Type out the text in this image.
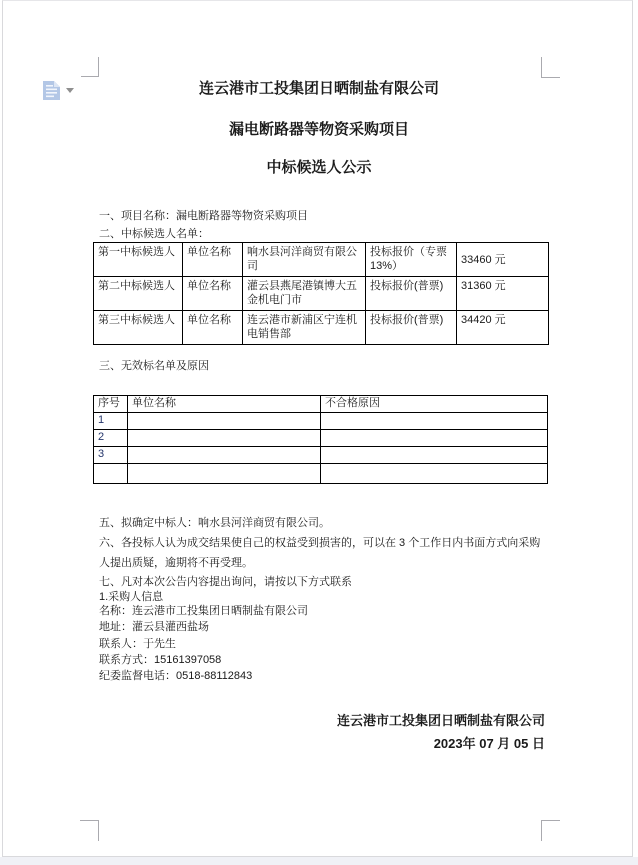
连云港市工投集团日晒制盐有限公司
漏电断路器等物资采购项目
中标候选人公示
一、项目名称：漏电断路器等物资采购项目
二、中标候选人名单：
第一中标候选人	单位名称	响水县河洋商贸有限公司	投标报价（专票13%）	33460 元
第二中标候选人	单位名称	灌云县燕尾港镇博大五金机电门市	投标报价(普票)	31360 元
第三中标候选人	单位名称	连云港市新浦区宁连机电销售部	投标报价(普票)	34420 元
三、无效标名单及原因
序号	单位名称	不合格原因
1		
2		
3		

五、拟确定中标人：响水县河洋商贸有限公司。
六、各投标人认为成交结果使自己的权益受到损害的，可以在 3 个工作日内书面方式向采购
人提出质疑，逾期将不再受理。
七、凡对本次公告内容提出询问，请按以下方式联系
1.采购人信息
名称：连云港市工投集团日晒制盐有限公司
地址：灌云县灌西盐场
联系人：于先生
联系方式：15161397058
纪委监督电话：0518-88112843
连云港市工投集团日晒制盐有限公司
2023年 07 月 05 日
